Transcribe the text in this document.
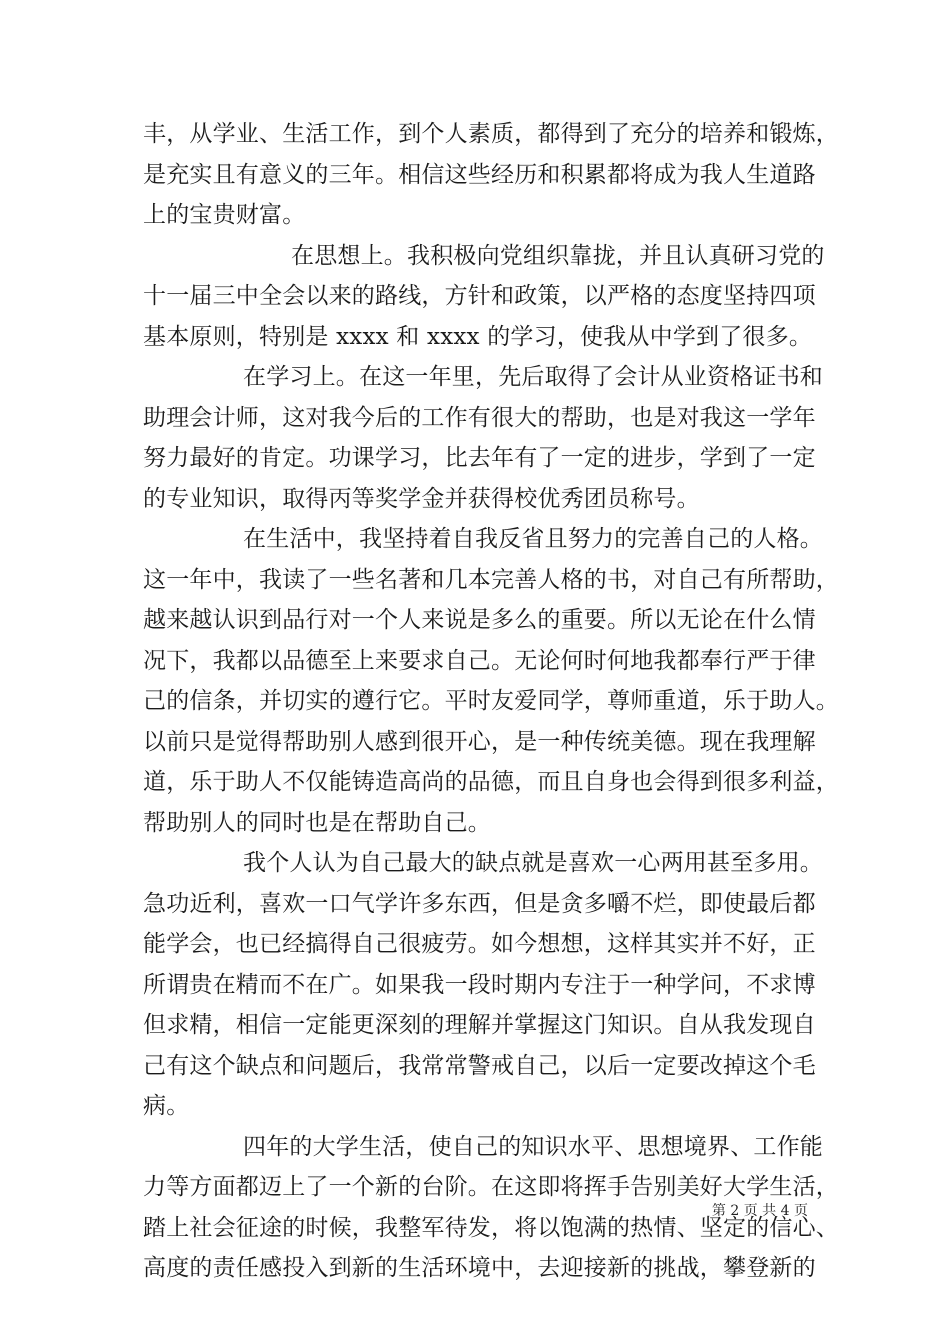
丰，从学业、生活工作，到个人素质，都得到了充分的培养和锻炼，
是充实且有意义的三年。相信这些经历和积累都将成为我人生道路
上的宝贵财富。
在思想上。我积极向党组织靠拢，并且认真研习党的
十一届三中全会以来的路线，方针和政策，以严格的态度坚持四项
基本原则，特别是 xxxx 和 xxxx 的学习，使我从中学到了很多。
在学习上。在这一年里，先后取得了会计从业资格证书和
助理会计师，这对我今后的工作有很大的帮助，也是对我这一学年
努力最好的肯定。功课学习，比去年有了一定的进步，学到了一定
的专业知识，取得丙等奖学金并获得校优秀团员称号。
在生活中，我坚持着自我反省且努力的完善自己的人格。
这一年中，我读了一些名著和几本完善人格的书，对自己有所帮助，
越来越认识到品行对一个人来说是多么的重要。所以无论在什么情
况下，我都以品德至上来要求自己。无论何时何地我都奉行严于律
己的信条，并切实的遵行它。平时友爱同学，尊师重道，乐于助人。
以前只是觉得帮助别人感到很开心，是一种传统美德。现在我理解
道，乐于助人不仅能铸造高尚的品德，而且自身也会得到很多利益，
帮助别人的同时也是在帮助自己。
我个人认为自己最大的缺点就是喜欢一心两用甚至多用。
急功近利，喜欢一口气学许多东西，但是贪多嚼不烂，即使最后都
能学会，也已经搞得自己很疲劳。如今想想，这样其实并不好，正
所谓贵在精而不在广。如果我一段时期内专注于一种学问，不求博
但求精，相信一定能更深刻的理解并掌握这门知识。自从我发现自
己有这个缺点和问题后，我常常警戒自己，以后一定要改掉这个毛
病。
四年的大学生活，使自己的知识水平、思想境界、工作能
力等方面都迈上了一个新的台阶。在这即将挥手告别美好大学生活，
踏上社会征途的时候，我整军待发，将以饱满的热情、坚定的信心、
高度的责任感投入到新的生活环境中，去迎接新的挑战，攀登新的
第 2 页 共 4 页
